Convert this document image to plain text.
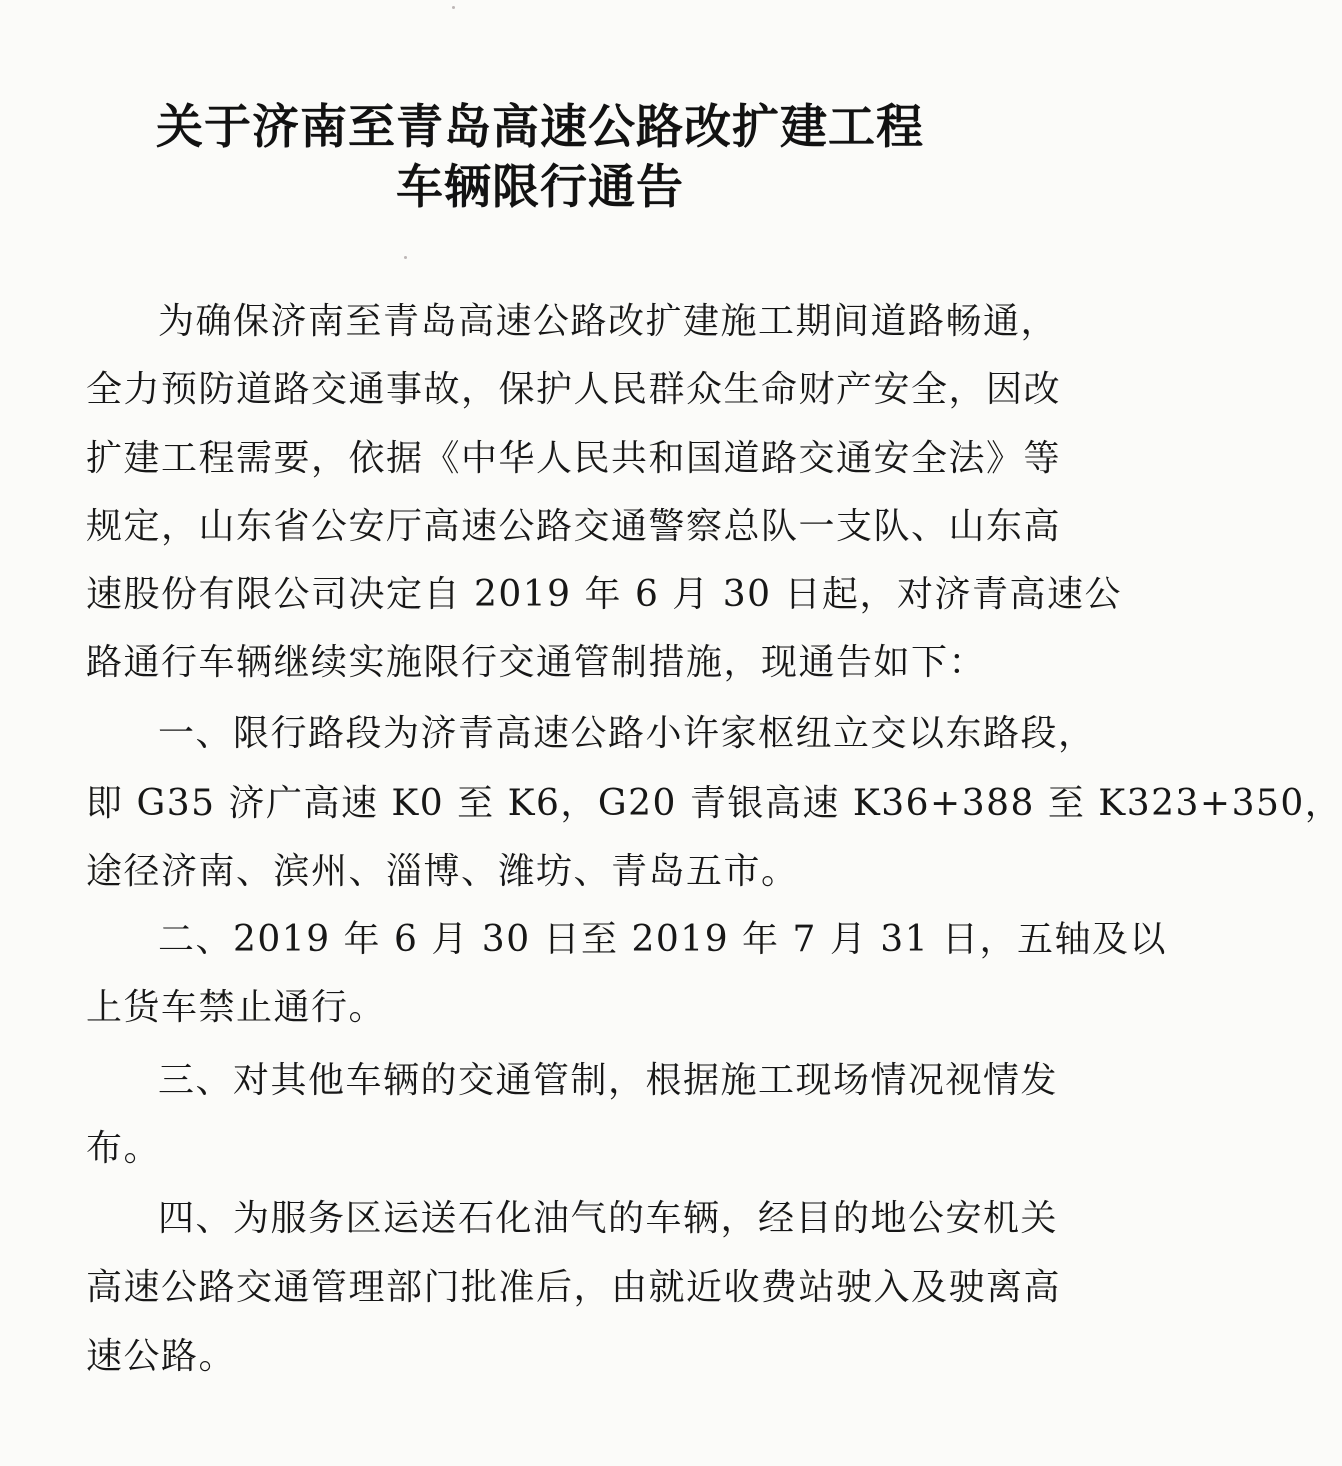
关于济南至青岛高速公路改扩建工程
车辆限行通告
为确保济南至青岛高速公路改扩建施工期间道路畅通，
全力预防道路交通事故，保护人民群众生命财产安全，因改
扩建工程需要，依据《中华人民共和国道路交通安全法》等
规定，山东省公安厅高速公路交通警察总队一支队、山东高
速股份有限公司决定自 2019 年 6 月 30 日起，对济青高速公
路通行车辆继续实施限行交通管制措施，现通告如下：
一、限行路段为济青高速公路小许家枢纽立交以东路段，
即 G35 济广高速 K0 至 K6，G20 青银高速 K36+388 至 K323+350，
途径济南、滨州、淄博、潍坊、青岛五市。
二、2019 年 6 月 30 日至 2019 年 7 月 31 日，五轴及以
上货车禁止通行。
三、对其他车辆的交通管制，根据施工现场情况视情发
布。
四、为服务区运送石化油气的车辆，经目的地公安机关
高速公路交通管理部门批准后，由就近收费站驶入及驶离高
速公路。
